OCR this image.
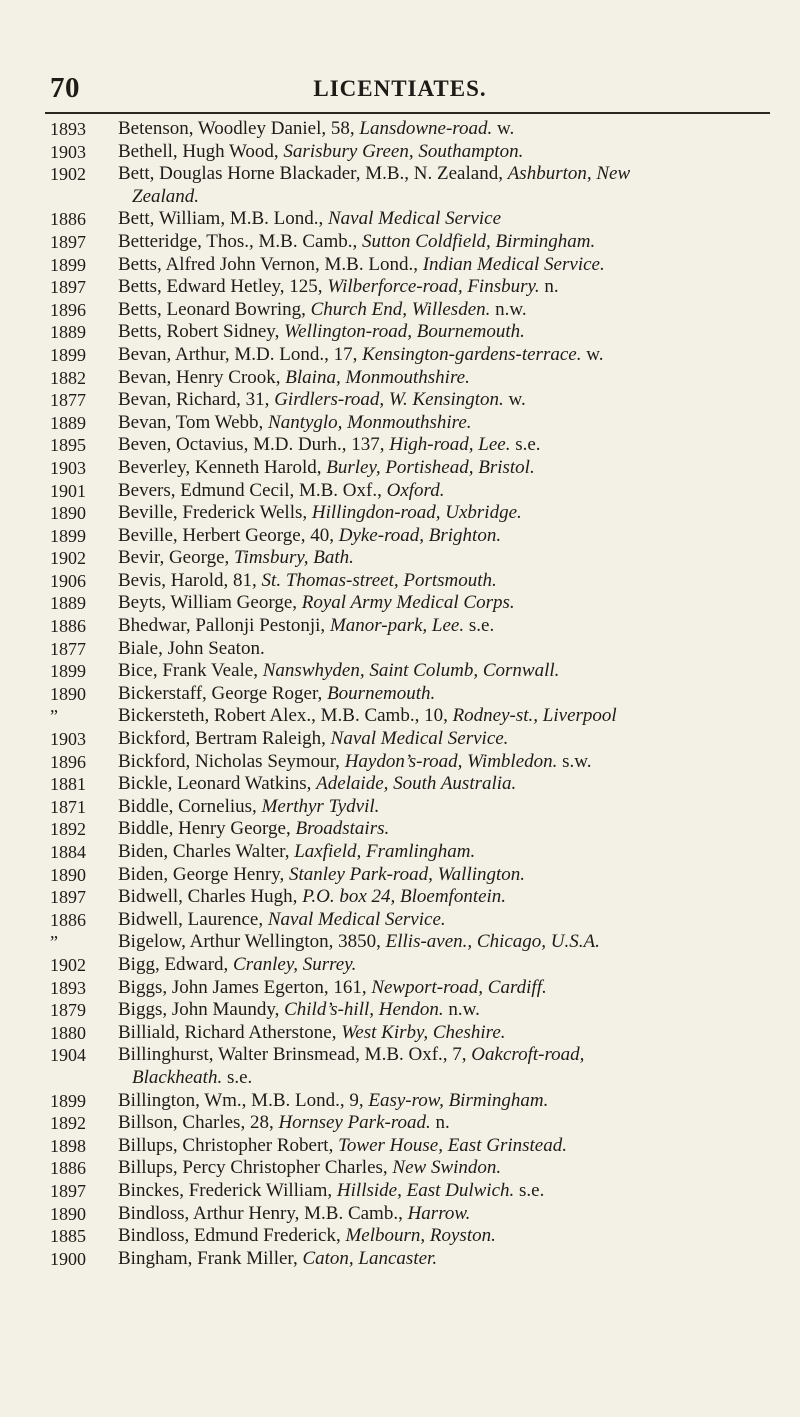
70	LICENTIATES.
1893	Betenson, Woodley Daniel, 58, Lansdowne-road. w.
1903	Bethell, Hugh Wood, Sarisbury Green, Southampton.
1902	Bett, Douglas Horne Blackader, M.B., N. Zealand, Ashburton, New
Zealand.
1886	Bett, William, M.B. Lond., Naval Medical Service
1897	Betteridge, Thos., M.B. Camb., Sutton Coldfield, Birmingham.
1899	Betts, Alfred John Vernon, M.B. Lond., Indian Medical Service.
1897	Betts, Edward Hetley, 125, Wilberforce-road, Finsbury. n.
1896	Betts, Leonard Bowring, Church End, Willesden. n.w.
1889	Betts, Robert Sidney, Wellington-road, Bournemouth.
1899	Bevan, Arthur, M.D. Lond., 17, Kensington-gardens-terrace. w.
1882	Bevan, Henry Crook, Blaina, Monmouthshire.
1877	Bevan, Richard, 31, Girdlers-road, W. Kensington. w.
1889	Bevan, Tom Webb, Nantyglo, Monmouthshire.
1895	Beven, Octavius, M.D. Durh., 137, High-road, Lee. s.e.
1903	Beverley, Kenneth Harold, Burley, Portishead, Bristol.
1901	Bevers, Edmund Cecil, M.B. Oxf., Oxford.
1890	Beville, Frederick Wells, Hillingdon-road, Uxbridge.
1899	Beville, Herbert George, 40, Dyke-road, Brighton.
1902	Bevir, George, Timsbury, Bath.
1906	Bevis, Harold, 81, St. Thomas-street, Portsmouth.
1889	Beyts, William George, Royal Army Medical Corps.
1886	Bhedwar, Pallonji Pestonji, Manor-park, Lee. s.e.
1877	Biale, John Seaton.
1899	Bice, Frank Veale, Nanswhyden, Saint Columb, Cornwall.
1890	Bickerstaff, George Roger, Bournemouth.
”	Bickersteth, Robert Alex., M.B. Camb., 10, Rodney-st., Liverpool
1903	Bickford, Bertram Raleigh, Naval Medical Service.
1896	Bickford, Nicholas Seymour, Haydon’s-road, Wimbledon. s.w.
1881	Bickle, Leonard Watkins, Adelaide, South Australia.
1871	Biddle, Cornelius, Merthyr Tydvil.
1892	Biddle, Henry George, Broadstairs.
1884	Biden, Charles Walter, Laxfield, Framlingham.
1890	Biden, George Henry, Stanley Park-road, Wallington.
1897	Bidwell, Charles Hugh, P.O. box 24, Bloemfontein.
1886	Bidwell, Laurence, Naval Medical Service.
”	Bigelow, Arthur Wellington, 3850, Ellis-aven., Chicago, U.S.A.
1902	Bigg, Edward, Cranley, Surrey.
1893	Biggs, John James Egerton, 161, Newport-road, Cardiff.
1879	Biggs, John Maundy, Child’s-hill, Hendon. n.w.
1880	Billiald, Richard Atherstone, West Kirby, Cheshire.
1904	Billinghurst, Walter Brinsmead, M.B. Oxf., 7, Oakcroft-road,
Blackheath. s.e.
1899	Billington, Wm., M.B. Lond., 9, Easy-row, Birmingham.
1892	Billson, Charles, 28, Hornsey Park-road. n.
1898	Billups, Christopher Robert, Tower House, East Grinstead.
1886	Billups, Percy Christopher Charles, New Swindon.
1897	Binckes, Frederick William, Hillside, East Dulwich. s.e.
1890	Bindloss, Arthur Henry, M.B. Camb., Harrow.
1885	Bindloss, Edmund Frederick, Melbourn, Royston.
1900	Bingham, Frank Miller, Caton, Lancaster.
